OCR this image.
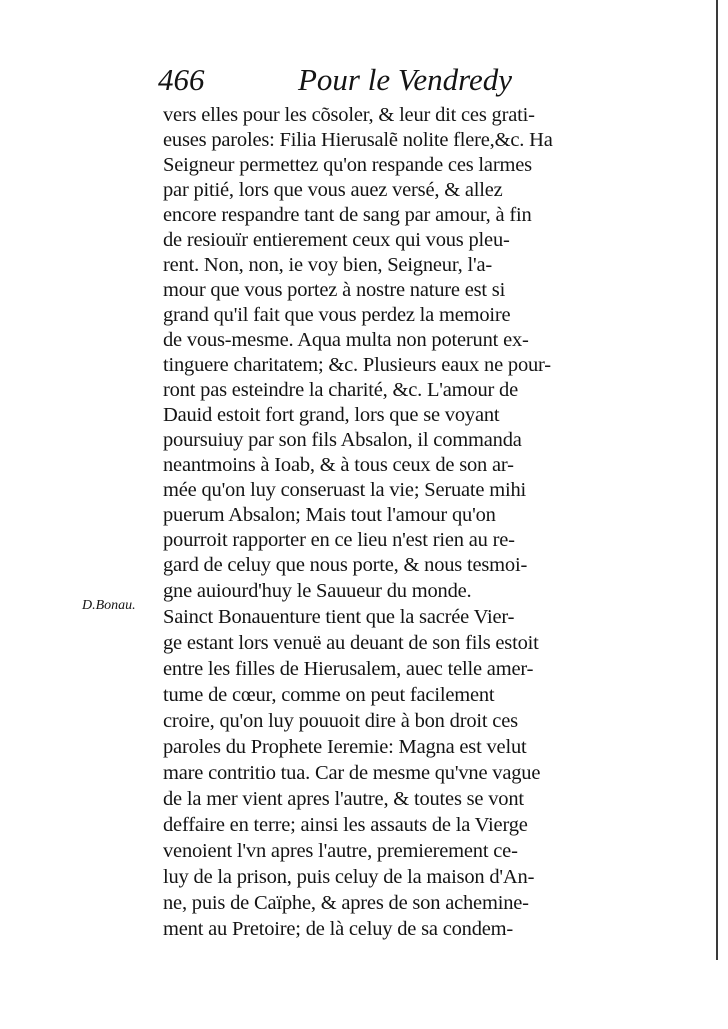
466	Pour le Vendredy
D.Bonau.
vers elles pour les cõsoler, & leur dit ces grati-
euses paroles: Filia Hierusalẽ nolite flere,&c. Ha
Seigneur permettez qu'on respande ces larmes
par pitié, lors que vous auez versé, & allez
encore respandre tant de sang par amour, à fin
de resiouïr entierement ceux qui vous pleu-
rent. Non, non, ie voy bien, Seigneur, l'a-
mour que vous portez à nostre nature est si
grand qu'il fait que vous perdez la memoire
de vous-mesme. Aqua multa non poterunt ex-
tinguere charitatem; &c. Plusieurs eaux ne pour-
ront pas esteindre la charité, &c. L'amour de
Dauid estoit fort grand, lors que se voyant
poursuiuy par son fils Absalon, il commanda
neantmoins à Ioab, & à tous ceux de son ar-
mée qu'on luy conseruast la vie; Seruate mihi
puerum Absalon; Mais tout l'amour qu'on
pourroit rapporter en ce lieu n'est rien au re-
gard de celuy que nous porte, & nous tesmoi-
gne auiourd'huy le Sauueur du monde.
Sainct Bonauenture tient que la sacrée Vier-
ge estant lors venuë au deuant de son fils estoit
entre les filles de Hierusalem, auec telle amer-
tume de cœur, comme on peut facilement
croire, qu'on luy pouuoit dire à bon droit ces
paroles du Prophete Ieremie: Magna est velut
mare contritio tua. Car de mesme qu'vne vague
de la mer vient apres l'autre, & toutes se vont
deffaire en terre; ainsi les assauts de la Vierge
venoient l'vn apres l'autre, premierement ce-
luy de la prison, puis celuy de la maison d'An-
ne, puis de Caïphe, & apres de son achemine-
ment au Pretoire; de là celuy de sa condem-
